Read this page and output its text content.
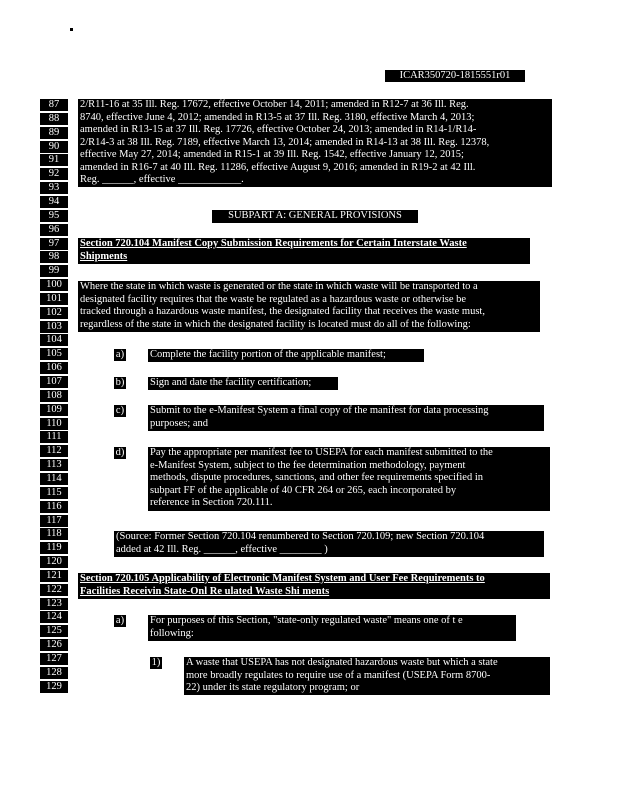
ICAR350720-1815551r01
87
88
89
90
91
92
93
94
95
96
97
98
99
100
101
102
103
104
105
106
107
108
109
110
111
112
113
114
115
116
117
118
119
120
121
122
123
124
125
126
127
128
129
2/R11-16 at 35 Ill. Reg. 17672, effective October 14, 2011; amended in R12-7 at 36 Ill. Reg.
8740, effective June 4, 2012; amended in R13-5 at 37 Ill. Reg. 3180, effective March 4, 2013;
amended in R13-15 at 37 Ill. Reg. 17726, effective October 24, 2013; amended in R14-1/R14-
2/R14-3 at 38 Ill. Reg. 7189, effective March 13, 2014; amended in R14-13 at 38 Ill. Reg. 12378,
effective May 27, 2014; amended in R15-1 at 39 Ill. Reg. 1542, effective January 12, 2015;
amended in R16-7 at 40 Ill. Reg. 11286, effective August 9, 2016; amended in R19-2 at 42 Ill.
Reg. ______, effective ____________.
SUBPART A: GENERAL PROVISIONS
Section 720.104 Manifest Copy Submission Requirements for Certain Interstate Waste
Shipments
Where the state in which waste is generated or the state in which waste will be transported to a
designated facility requires that the waste be regulated as a hazardous waste or otherwise be
tracked through a hazardous waste manifest, the designated facility that receives the waste must,
regardless of the state in which the designated facility is located must do all of the following:
a) Complete the facility portion of the applicable manifest;
b) Sign and date the facility certification;
c) Submit to the e-Manifest System a final copy of the manifest for data processing
purposes; and
d) Pay the appropriate per manifest fee to USEPA for each manifest submitted to the
e-Manifest System, subject to the fee determination methodology, payment
methods, dispute procedures, sanctions, and other fee requirements specified in
subpart FF of the applicable of 40 CFR 264 or 265, each incorporated by
reference in Section 720.111.
(Source: Former Section 720.104 renumbered to Section 720.109; new Section 720.104
added at 42 Ill. Reg. ______, effective ________ )
Section 720.105 Applicability of Electronic Manifest System and User Fee Requirements to
Facilities Receivin State-Onl Re ulated Waste Shi ments
a) For purposes of this Section, "state-only regulated waste" means one of t e
following:
1) A waste that USEPA has not designated hazardous waste but which a state
more broadly regulates to require use of a manifest (USEPA Form 8700-
22) under its state regulatory program; or
